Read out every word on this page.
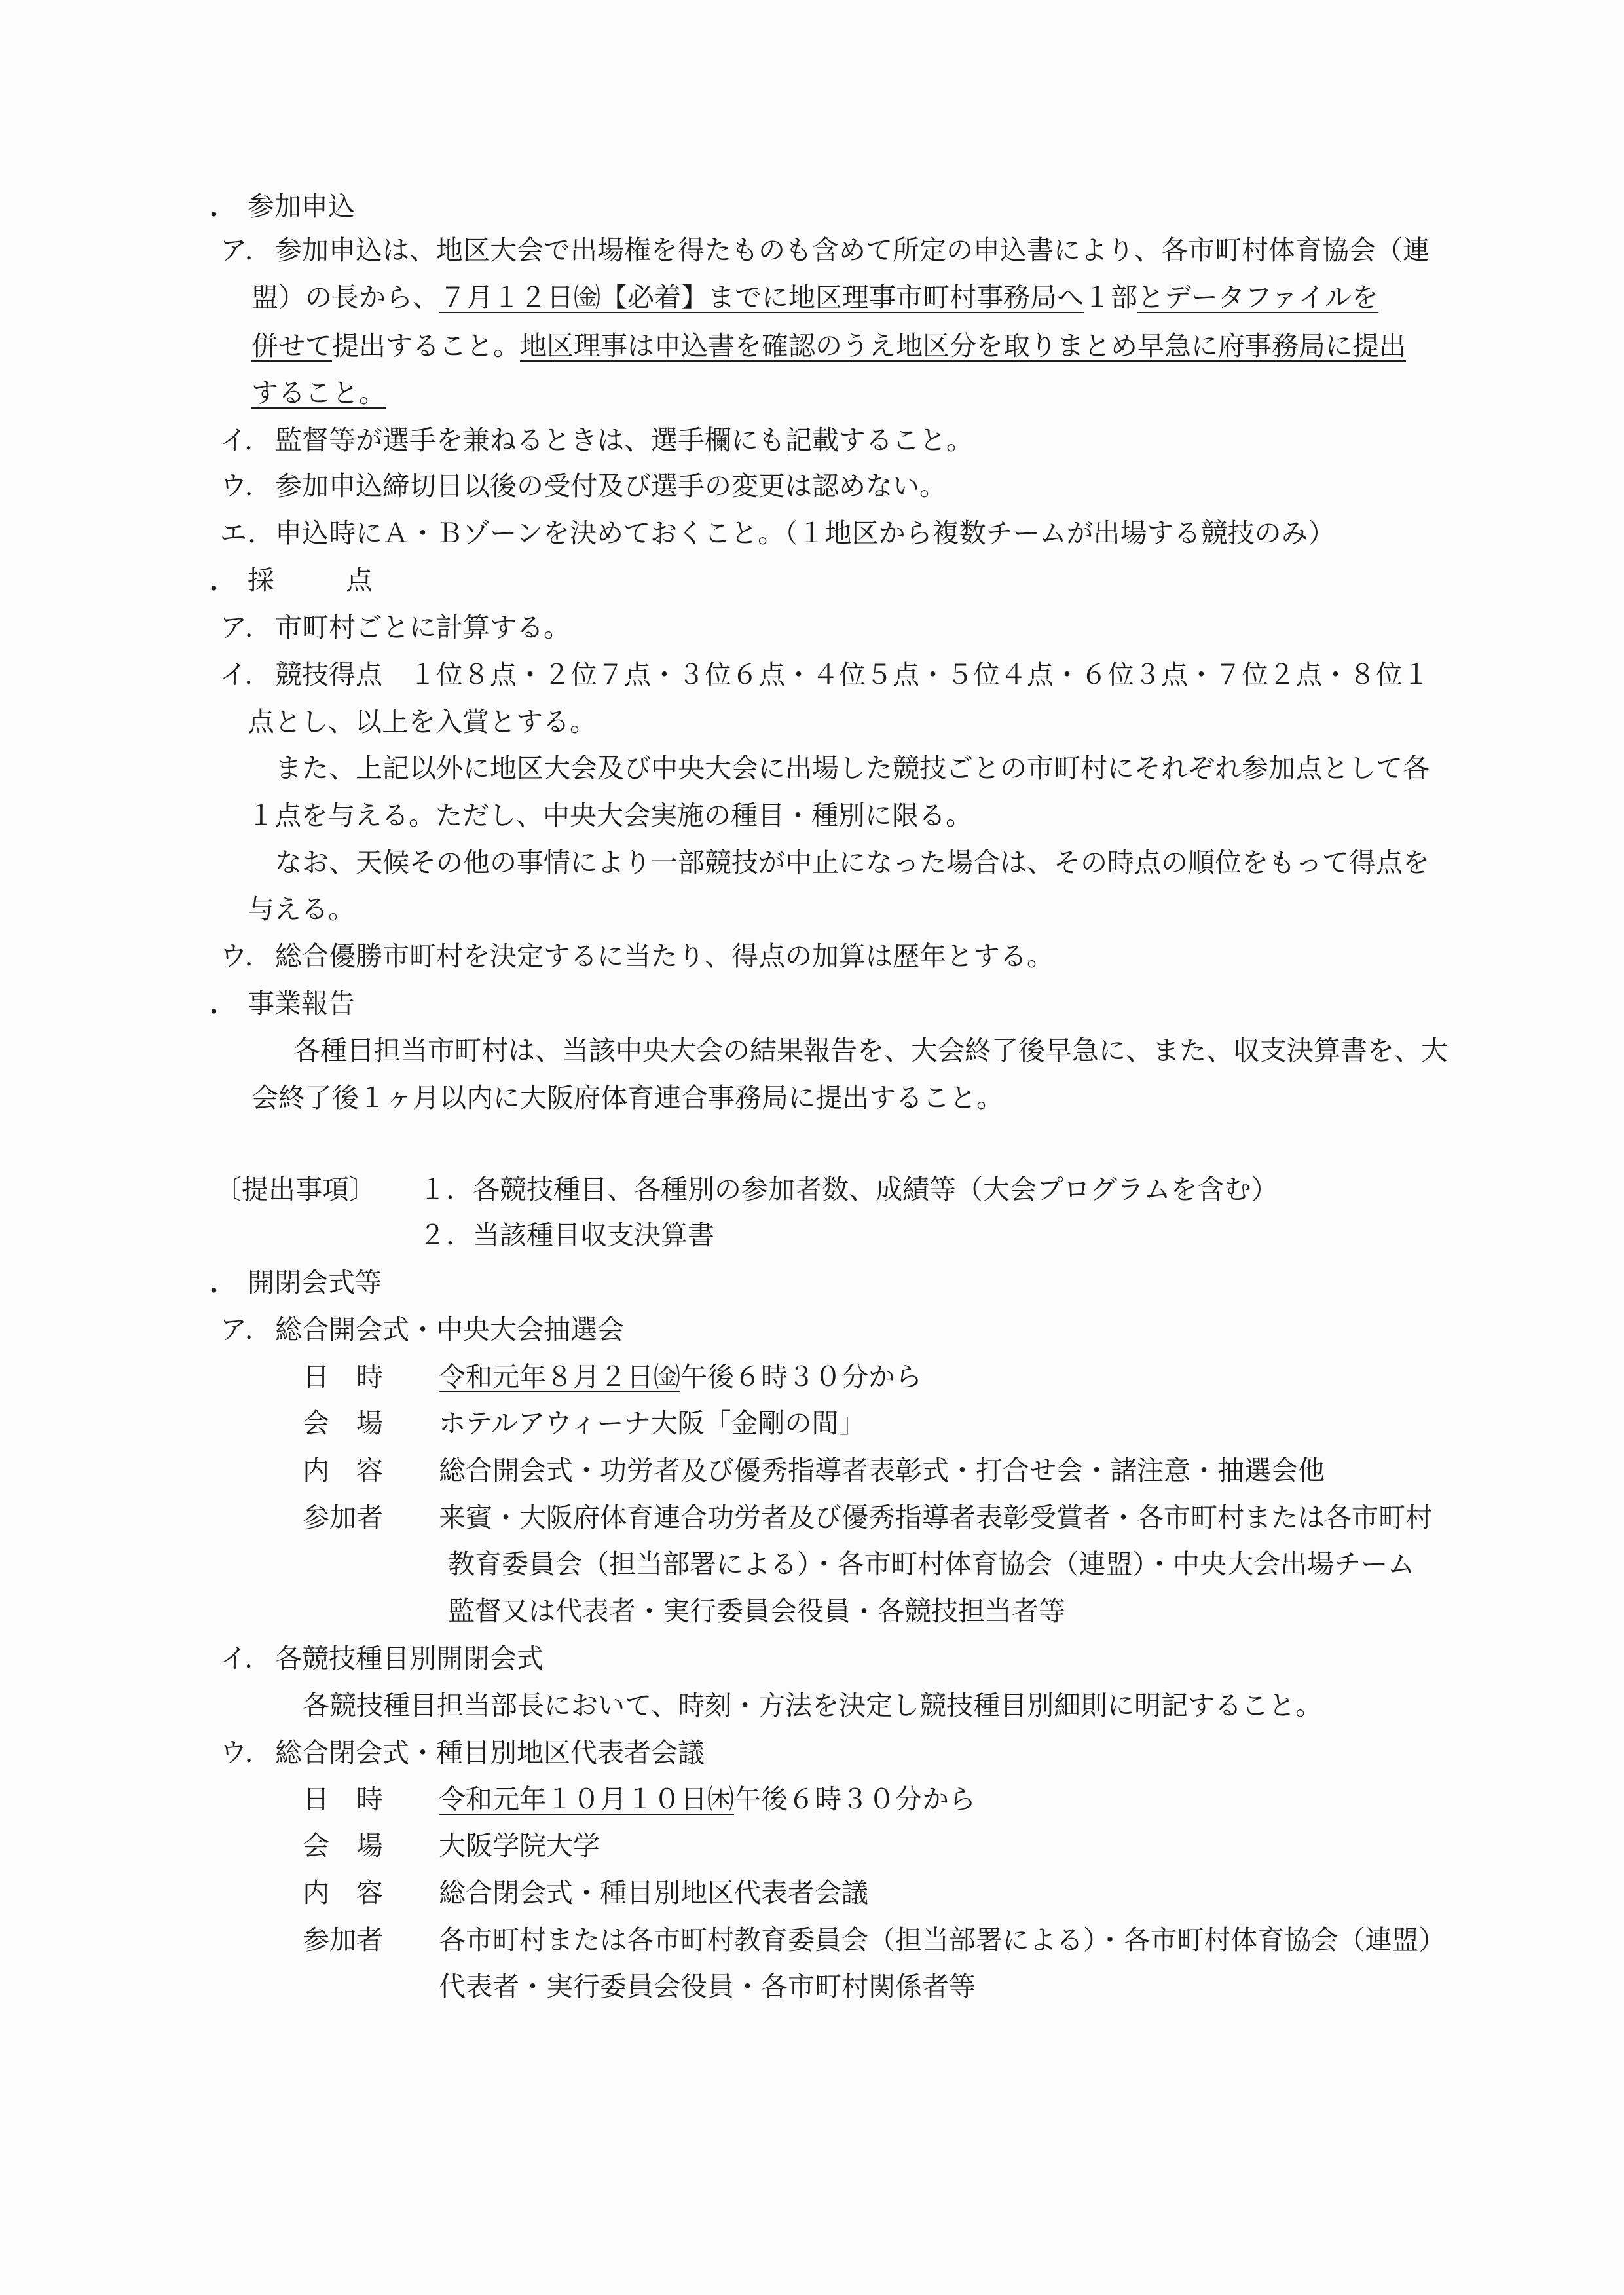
・ 参加申込
ア． 参加申込は、地区大会で出場権を得たものも含めて所定の申込書により、各市町村体育協会（連
盟）の長から、７月１２日㈮【必着】までに地区理事市町村事務局へ１部とデータファイルを
併せて提出すること。地区理事は申込書を確認のうえ地区分を取りまとめ早急に府事務局に提出
すること。
イ． 監督等が選手を兼ねるときは、選手欄にも記載すること。
ウ． 参加申込締切日以後の受付及び選手の変更は認めない。
エ． 申込時にＡ・Ｂゾーンを決めておくこと。（１地区から複数チームが出場する競技のみ）
・ 採　点
ア． 市町村ごとに計算する。
イ． 競技得点　１位８点・２位７点・３位６点・４位５点・５位４点・６位３点・７位２点・８位１
点とし、以上を入賞とする。
また、上記以外に地区大会及び中央大会に出場した競技ごとの市町村にそれぞれ参加点として各
１点を与える。ただし、中央大会実施の種目・種別に限る。
なお、天候その他の事情により一部競技が中止になった場合は、その時点の順位をもって得点を
与える。
ウ． 総合優勝市町村を決定するに当たり、得点の加算は歴年とする。
・ 事業報告
各種目担当市町村は、当該中央大会の結果報告を、大会終了後早急に、また、収支決算書を、大
会終了後１ヶ月以内に大阪府体育連合事務局に提出すること。
〔提出事項〕 １．各競技種目、各種別の参加者数、成績等（大会プログラムを含む）
２．当該種目収支決算書
・ 開閉会式等
ア． 総合開会式・中央大会抽選会
日　時 令和元年８月２日㈮午後６時３０分から
会　場 ホテルアウィーナ大阪「金剛の間」
内　容 総合開会式・功労者及び優秀指導者表彰式・打合せ会・諸注意・抽選会他
参加者 来賓・大阪府体育連合功労者及び優秀指導者表彰受賞者・各市町村または各市町村
教育委員会（担当部署による）・各市町村体育協会（連盟）・中央大会出場チーム
監督又は代表者・実行委員会役員・各競技担当者等
イ． 各競技種目別開閉会式
各競技種目担当部長において、時刻・方法を決定し競技種目別細則に明記すること。
ウ． 総合閉会式・種目別地区代表者会議
日　時 令和元年１０月１０日㈭午後６時３０分から
会　場 大阪学院大学
内　容 総合閉会式・種目別地区代表者会議
参加者 各市町村または各市町村教育委員会（担当部署による）・各市町村体育協会（連盟）
代表者・実行委員会役員・各市町村関係者等
